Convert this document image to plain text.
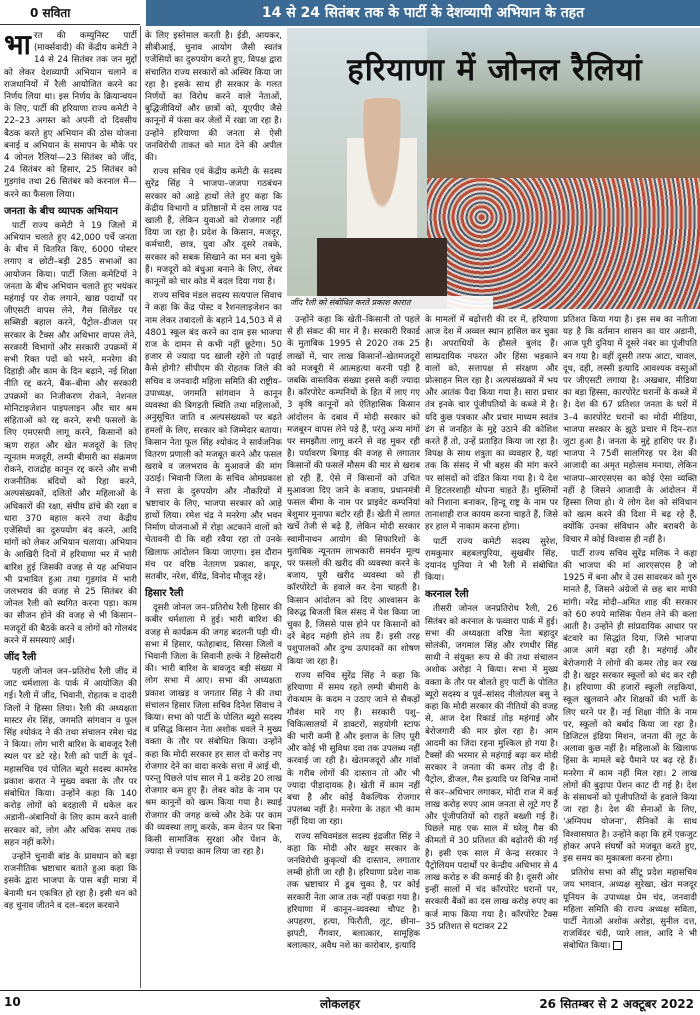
0 सविता	14 से 24 सितंबर तक के पार्टी के देशव्यापी अभियान के तहत
हरियाणा में जोनल रैलियां
जींद रैली को संबोधित करते प्रकाश कारात

भारत की कम्युनिस्ट पार्टी (मार्क्सवादी) की केंद्रीय कमेटी ने 14 से 24 सितंबर तक जन मुद्दों को लेकर देशव्यापी अभियान चलाने व राजधानियों में रैली आयोजित करने का निर्णय लिया था। इस निर्णय के क्रियान्वयन के लिए, पार्टी की हरियाणा राज्य कमेटी ने 22–23 अगस्त को अपनी दो दिवसीय बैठक करते हुए अभियान की ठोस योजना बनाई व अभियान के समापन के मौके पर 4 जोनल रैलियां—23 सितंबर को जींद, 24 सितंबर को हिसार, 25 सितंबर को गुड़गांव तथा 26 सितंबर को करनाल में—करने का फैसला लिया।

जनता के बीच व्यापक अभियान

पार्टी राज्य कमेटी ने 19 जिलों में अभियान चलाते हुए 42,000 पर्चे जनता के बीच में वितरित किए, 6000 पोस्टर लगाए व छोटी–बड़ी 285 सभाओं का आयोजन किया। पार्टी जिला कमेटियों ने जनता के बीच अभियान चलाते हुए भयंकर महंगाई पर रोक लगाने, खाद्य पदार्थों पर जीएसटी वापस लेने, गैस सिलेंडर पर सब्सिडी बहाल करने, पैट्रोल–डीजल पर सरकार के टैक्स और अधिभार वापस लेने, सरकारी विभागों और सरकारी उपक्रमों में सभी रिक्त पदों को भरने, मनरेगा की दिहाड़ी और काम के दिन बढ़ाने, नई शिक्षा नीति रद्द करने, बैंक–बीमा और सरकारी उपक्रमों का निजीकरण रोकने, नेशनल मोनिटाइजेशन पाइपलाइन और चार श्रम संहिताओं को रद्द करने, सभी फसलों के लिए एमएसपी लागू करने, किसानों को ऋण राहत और खेत मजदूरों के लिए न्यूनतम मजदूरी, लम्पी बीमारी का संक्रमण रोकने, राजद्रोह कानून रद्द करने और सभी राजनीतिक बंदियों को रिहा करने, अल्पसंख्यकों, दलितों और महिलाओं के अधिकारों की रक्षा, संघीय ढांचे की रक्षा व धारा 370 बहाल करने तथा केंद्रीय एजेंसियों का दुरुपयोग बंद करने, आदि मांगों को लेकर अभियान चलाया। अभियान के आखिरी दिनों में हरियाणा भर में भारी बारिश हुई जिसकी वजह से यह अभियान भी प्रभावित हुआ तथा गुड़गांव में भारी जलभराव की वजह से 25 सितंबर की जोनल रैली को स्थगित करना पड़ा। काम का सीजन होने की वजह से भी किसान–मजदूरों की बैठकें करने व लोगों को गोलबंद करने में समस्याएं आईं।

जींद रैली

पहली जोनल जन–प्रतिरोध रैली जींद में जाट धर्मशाला के पार्क में आयोजित की गई। रैली में जींद, भिवानी, रोहतक व दादरी जिलों ने हिस्सा लिया। रैली की अध्यक्षता मास्टर शेर सिंह, जगमति सांगवान व फूल सिंह श्योकंद ने की तथा संचालन रमेश चंद्र ने किया। लोग भारी बारिश के बावजूद रैली स्थल पर डटे रहे। रैली को पार्टी के पूर्व–महासचिव एवं पोलित ब्यूरो सदस्य कामरेड प्रकाश करात ने मुख्य वक्ता के तौर पर संबोधित किया। उन्होंने कहा कि 140 करोड़ लोगों को बदहाली में धकेल कर अडानी–अंबानियों के लिए काम करने वाली सरकार को, लोग और अधिक समय तक सहन नहीं करेंगे।

उन्होंने चुनावी बांड के प्रावधान को बड़ा राजनीतिक भ्रष्टाचार बताते हुआ कहा कि इसके द्वारा भाजपा के पास बड़ी मात्रा में बेनामी धन एकत्रित हो रहा है। इसी धन को वह चुनाव जीतने व दल–बदल करवाने

के लिए इस्तेमाल करती है। ईडी, आयकर, सीबीआई, चुनाव आयोग जैसी स्वतंत्र एजेंसियों का दुरुपयोग करते हुए, विपक्ष द्वारा संचालित राज्य सरकारों को अस्थिर किया जा रहा है। इसके साथ ही सरकार के गलत निर्णयों का विरोध करने वाले नेताओं, बुद्धिजीवियों और छात्रों को, यूएपीए जैसे कानूनों में फंसा कर जेलों में रखा जा रहा है। उन्होंने हरियाणा की जनता से ऐसी जनविरोधी ताकत को मात देने की अपील की।

राज्य सचिव एवं केंद्रीय कमेटी के सदस्य सुरेंद्र सिंह ने भाजपा–जजपा गठबंधन सरकार को आड़े हाथों लेते हुए कहा कि केंद्रीय विभागों व प्रतिष्ठानों में दस लाख पद खाली हैं, लेकिन युवाओं को रोजगार नहीं दिया जा रहा है। प्रदेश के किसान, मजदूर, कर्मचारी, छात्र, युवा और दूसरे तबके, सरकार को सबक सिखाने का मन बना चुके हैं। मजदूरों को बंधुआ बनाने के लिए, लेबर कानूनों को चार कोड में बदल दिया गया है।

राज्य सचिव मंडल सदस्य सत्यपाल सिवाच ने कहा कि केंद्र पोस्ट व रैशनलाइजेशन का नाम लेकर तबादलों के बहाने 14,503 में से 4801 स्कूल बंद करने का दाम इस भाजपा राज के दामन से कभी नहीं छूटेगा। 50 हजार से ज्यादा पद खाली रहेंगे तो पढ़ाई कैसे होगी? सीपीएम की रोहतक जिले की सचिव व जनवादी महिला समिति की राष्ट्रीय–उपाध्यक्ष, जगमति सांगवान ने कानून व्यवस्था की बिगड़ती स्थिति तथा महिलाओं, अनुसूचित जाति व अल्पसंख्यकों पर बढ़ते हमलों के लिए, सरकार को जिम्मेदार बताया। किसान नेता फूल सिंह श्योकंद ने सार्वजनिक वितरण प्रणाली को मजबूत करने और फसल खराबे व जलभराव के मुआवजे की मांग उठाई। भिवानी जिला के सचिव ओमप्रकाश ने सत्ता के दुरुपयोग और नौकरियों में भ्रष्टाचार के लिए, भाजपा सरकार को आड़े हाथों लिया। रमेश चंद्र ने मनरेगा और भवन निर्माण योजनाओं में रोड़ा अटकाने वालों को चेतावनी दी कि वही रवैया रहा तो उनके खिलाफ आंदोलन किया जाएगा। इस दौरान मंच पर वरिष्ठ नेतागण प्रकाश, कपूर, सतबीर, नरेश, वीरेंद्र, विनोद मौजूद रहे।

हिसार रैली

दूसरी जोनल जन–प्रतिरोध रैली हिसार की कबीर धर्मशाला में हुई। भारी बारिश की वजह से कार्यक्रम की जगह बदलनी पड़ी थी। सभा में हिसार, फतेहाबाद, सिरसा जिलों व भिवानी जिला के सिवानी हल्के ने हिस्सेदारी की। भारी बारिश के बावजूद बड़ी संख्या में लोग सभा में आए। सभा की अध्यक्षता प्रकाश जाखड़ व जगतार सिंह ने की तथा संचालन हिसार जिला सचिव दिनेश सिवाच ने किया। सभा को पार्टी के पोलित ब्यूरो सदस्य व प्रसिद्ध किसान नेता अशोक धवले ने मुख्य वक्ता के तौर पर संबोधित किया। उन्होंने कहा कि मोदी सरकार हर साल दो करोड़ नए रोजगार देने का वादा करके सत्ता में आई थी, परन्तु पिछले पांच साल में 1 करोड़ 20 लाख रोजगार कम हुए हैं। लेबर कोड के नाम पर श्रम कानूनों को खत्म किया गया है। स्थाई रोजगार की जगह कच्चे और ठेके पर काम की व्यवस्था लागू करके, कम वेतन पर बिना किसी सामाजिक सुरक्षा और पेंशन के, ज्यादा से ज्यादा काम लिया जा रहा है।

उन्होंने कहा कि खेती–किसानी तो पहले से ही संकट की मार में है। सरकारी रिकार्ड के मुताबिक 1995 से 2020 तक 25 लाखों में, चार लाख किसानों–खेतमजदूरों को मजबूरी में आत्महत्या करनी पड़ी है जबकि वास्तविक संख्या इससे कहीं ज्यादा है। कॉरपोरेट कम्पनियों के हित में लाए गए 3 कृषि कानूनों को ऐतिहासिक किसान आंदोलन के दबाव में मोदी सरकार को मजबूरन वापस लेने पड़े हैं, परंतु अन्य मांगों पर समझौता लागू करने से वह मुकर रही है। पर्यावरण बिगाड़ की वजह से लगातार किसानों की फसलें मौसम की मार से खराब हो रही हैं, ऐसे में किसानों को उचित मुआवजा दिए जाने के बजाय, प्रधानमंत्री फसल बीमा के नाम पर प्राइवेट कम्पनियां बेशुमार मुनाफा बटोर रही हैं। खेती में लागत खर्चे तेजी से बढ़े हैं, लेकिन मोदी सरकार स्वामीनाथन आयोग की सिफारिशों के मुताबिक न्यूनतम लाभकारी समर्थन मूल्य पर फसलों की खरीद की व्यवस्था करने के बजाय, पूरी खरीद व्यवस्था को ही कॉरपोरेटों के हवाले कर देना चाहती है। किसान आंदोलन को दिए आश्वासन के विरुद्ध बिजली बिल संसद में पेश किया जा चुका है, जिससे पास होने पर किसानों को दरें बेहद महंगी होने तय हैं। इसी तरह पशुपालकों और दुग्ध उत्पादकों का शोषण किया जा रहा है।

राज्य सचिव सुरेंद्र सिंह ने कहा कि हरियाणा में समय रहते लम्पी बीमारी के रोकथाम के कदम न उठाए जाने से सैकड़ों गौवंश मारे गए हैं। सरकारी पशु–चिकित्सालयों में डाक्टरों, सहयोगी स्टाफ की भारी कमी है और इलाज के लिए पूरी और कोई भी सुविधा दवा तक उपलब्ध नहीं करवाई जा रही है। खेतमजदूरों और गांवों के गरीब लोगों की दास्तान तो और भी ज्यादा पीड़ादायक है। खेती में काम नहीं बचा है और कोई वैकल्पिक रोजगार उपलब्ध नहीं है। मनरेगा के तहत भी काम नहीं दिया जा रहा।

राज्य सचिवमंडल सदस्य इंद्रजीत सिंह ने कहा कि मोदी और खट्टर सरकार के जनविरोधी कुकृत्यों की दास्तान, लगातार लम्बी होती जा रही है। हरियाणा प्रदेश नाक तक भ्रष्टाचार में डूब चुका है, पर कोई सरकारी नेता आज तक नहीं पकड़ा गया है। हरियाणा में कानून–व्यवस्था चौपट है। अपहरण, हत्या, फिरौती, लूट, छीना–झपटी, गैंगवार, बलात्कार, सामूहिक बलात्कार, अवैध नशे का कारोबार, इत्यादि

के मामलों में बढ़ोत्तरी की दर में, हरियाणा आज देश में अव्वल स्थान हासिल कर चुका है। अपराधियों के हौसले बुलंद हैं। साम्प्रदायिक नफरत और हिंसा भड़काने वालों को, सत्तापक्ष से संरक्षण और प्रोत्साहन मिल रहा है। अल्पसंख्यकों में भय और आतंक पैदा किया गया है। सारा प्रचार तंत्र इनके चार पूंजीपतियों के कब्जे में है। यदि कुछ पत्रकार और प्रचार माध्यम स्वतंत्र ढंग से जनहित के मुद्दे उठाने की कोशिश करते हैं तो, उन्हें प्रताड़ित किया जा रहा है। विपक्ष के साथ शत्रुता का व्यवहार है, यहां तक कि संसद में भी बहस की मांग करने पर सांसदों को दंडित किया गया है। ये देश में हिटलरशाही थोपना चाहते हैं। मुस्लिमों को निशाना बनाकर, हिन्दू राष्ट्र के नाम पर तानाशाही राज कायम करना चाहते हैं, जिसे हर हाल में नाकाम करना होगा।

पार्टी राज्य कमेटी सदस्य सुरेश, रामकुमार बहबलपुरिया, सुखबीर सिंह, दयानंद पूनिया ने भी रैली में संबोधित किया।

करनाल रैली

तीसरी जोनल जनप्रतिरोध रैली, 26 सितंबर को करनाल के फव्वारा पार्क में हुई। सभा की अध्यक्षता वरिष्ठ नेता बहादुर सोलंकी, जगमाल सिंह और रणधीर सिंह साथी ने संयुक्त रूप से की तथा संचालन अशोक अरोड़ा ने किया। सभा में मुख्य वक्ता के तौर पर बोलते हुए पार्टी के पोलित ब्यूरो सदस्य व पूर्व–सांसद नीलोत्पल बसु ने कहा कि मोदी सरकार की नीतियों की वजह से, आज देश रिकार्ड तोड़ महंगाई और बेरोजगारी की मार झेल रहा है। आम आदमी का जिंदा रहना मुश्किल हो गया है। टैक्सों की भरमार से महंगाई बढ़ा कर मोदी सरकार ने जनता की कमर तोड़ दी है। पैट्रोल, डीजल, गैस इत्यादि पर विभिन्न नामों से कर–अधिभार लगाकर, मोदी राज में कई लाख करोड़ रुपए आम जनता से लूटे गए हैं और पूंजीपतियों को राहतें बख्शी गई हैं। पिछले माह एक साल में घरेलू गैस की कीमतों में 30 प्रतिशत की बढ़ोतरी की गई है। इसी एक साल में केन्द्र सरकार ने पैट्रोलियम पदार्थों पर केन्द्रीय अधिभार से 4 लाख करोड़ रु की कमाई की है। दूसरी ओर इन्हीं सालों में चंद कॉरपोरेट घरानों पर, सरकारी बैंकों का दस लाख करोड़ रुपए का कर्ज माफ किया गया है। कॉरपोरेट टैक्स 35 प्रतिशत से घटाकर 22

प्रतिशत किया गया है। इस सब का नतीजा यह है कि वर्तमान शासन का यार अडानी, आज पूरी दुनिया में दूसरे नंबर का पूंजीपति बन गया है। वहीं दूसरी तरफ आटा, चावल, दूध, दही, लस्सी इत्यादि आवश्यक वस्तुओं पर जीएसटी लगाया है। अखबार, मीडिया का बड़ा हिस्सा, कारपोरेट घरानों के कब्जे में है। देश की 67 प्रतिशत जनता के घरों में 3–4 कारपोरेट घरानों का मोदी मीडिया, भाजपा सरकार के झूठे प्रचार में दिन–रात जुटा हुआ है। जनता के मुद्दे हाशिए पर हैं। भाजपा ने 75वीं सालगिरह पर देश की आजादी का अमृत महोत्सव मनाया, लेकिन भाजपा–आरएसएस का कोई ऐसा व्यक्ति नहीं है जिसने आजादी के आंदोलन में हिस्सा लिया हो। ये लोग देश को संविधान को खत्म करने की दिशा में बढ़ रहे हैं, क्योंकि उनका संविधान और बराबरी के विचार में कोई विश्वास ही नहीं है।

पार्टी राज्य सचिव सुरेंद्र मलिक ने कहा की भाजपा की मां आरएसएस है जो 1925 में बना और वे उस सावरकर को गुरु मानते हैं, जिसने अंग्रेजों से छह बार माफी मांगी। नरेंद्र मोदी–अमित शाह की सरकार को 60 रुपये मासिक पेंशन लेने की कला आती है। उन्होंने ही सांप्रदायिक आधार पर बंटवारे का सिद्धांत दिया, जिसे भाजपा आज आगे बढ़ा रही है। महंगाई और बेरोजगारी ने लोगों की कमर तोड़ कर रख दी है। खट्टर सरकार स्कूलों को बंद कर रही है। हरियाणा की हजारों स्कूली लड़कियां, स्कूल खुलवाने और शिक्षकों की भर्ती के लिए धरने पर हैं। नई शिक्षा नीति के नाम पर, स्कूलों को बर्बाद किया जा रहा है। डिजिटल इंडिया मिशन, जनता की लूट के अलावा कुछ नहीं है। महिलाओं के खिलाफ हिंसा के मामले बढ़े पैमाने पर बढ़ रहे हैं। मनरेगा में काम नहीं मिल रहा। 2 लाख लोगों की बुढ़ापा पेंशन काट दी गई है। देश के संसाधनों को पूंजीपतियों के हवाले किया जा रहा है। देश की सेनाओं के लिए, 'अग्निपथ योजना', सैनिकों के साथ विश्वासघात है। उन्होंने कहा कि हमें एकजुट होकर अपने संघर्षों को मजबूत करते हुए, इस समय का मुकाबला करना होगा।

प्रतिरोध सभा को सीटू प्रदेश महासचिव जय भगवान, अध्यक्ष सुरेखा, खेत मजदूर यूनियन के उपाध्यक्ष प्रेम चंद, जनवादी महिला समिति की राज्य अध्यक्ष सविता, पार्टी नेताओं अशोक अरोड़ा, सुनील दत्त, राजविंदर चंदी, प्यारे लाल, आदि ने भी संबोधित किया।

10	लोकलहर	26 सितम्बर से 2 अक्टूबर 2022
